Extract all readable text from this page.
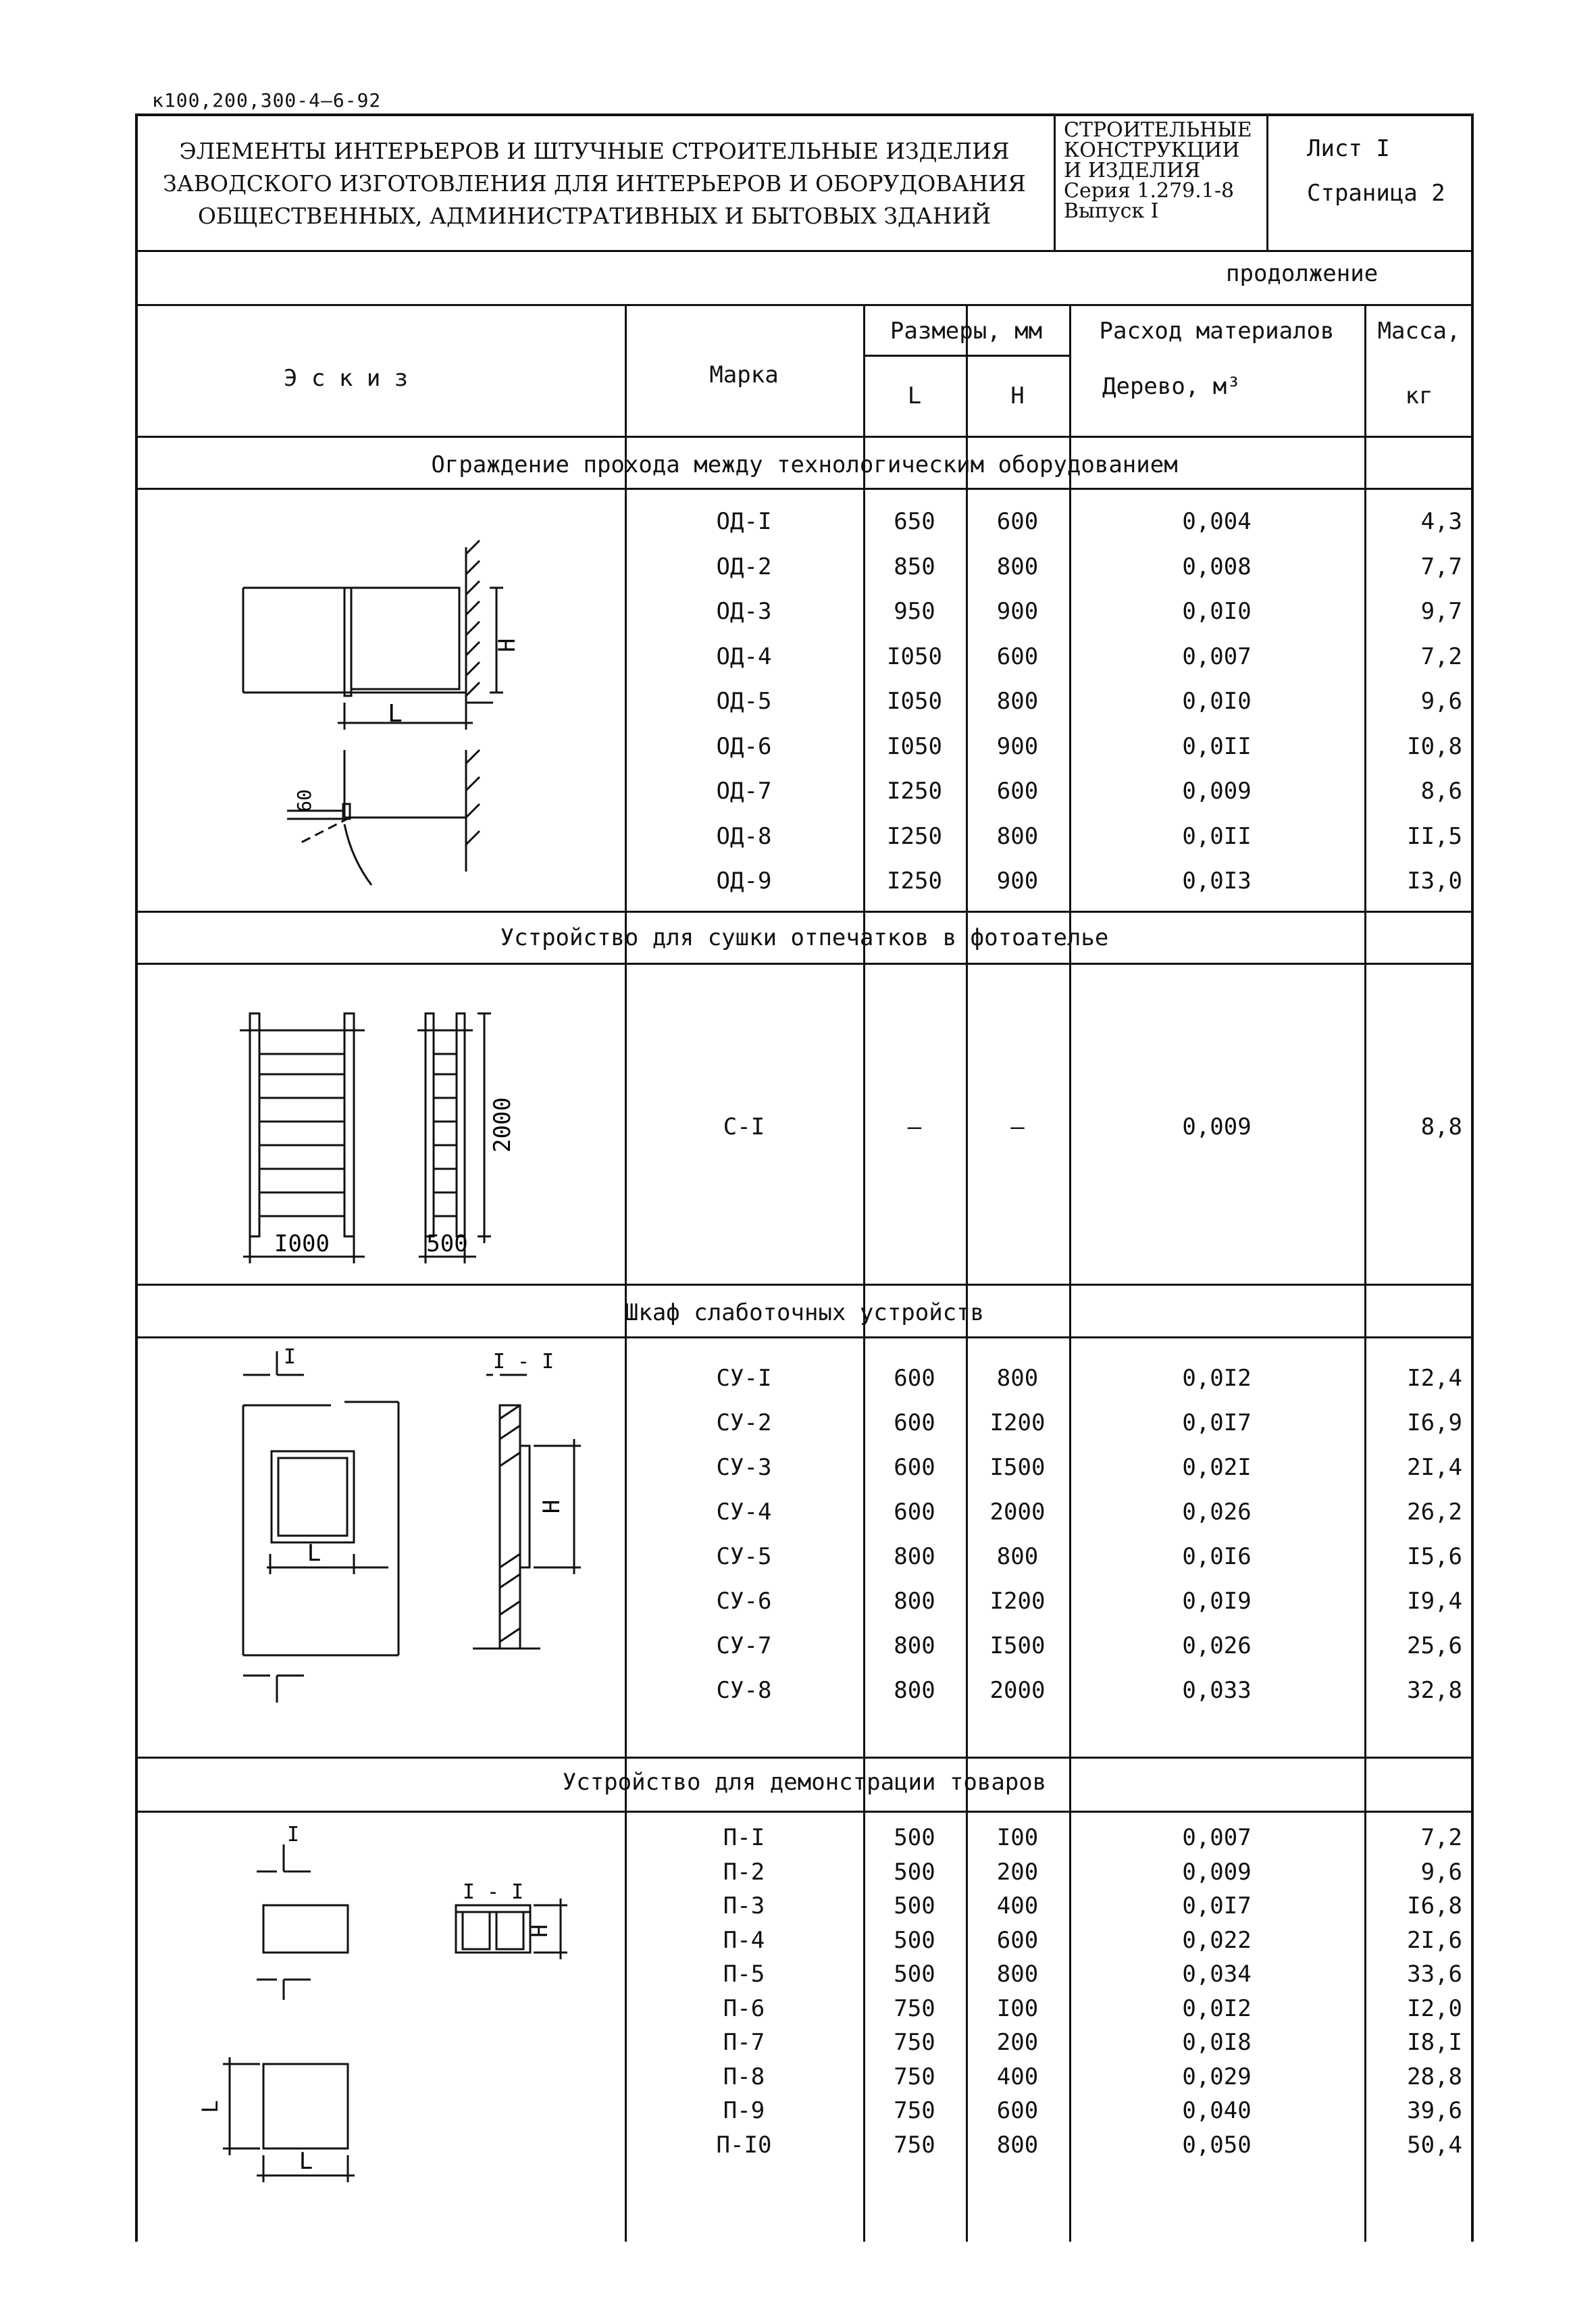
к100,200,300-4—6-92
ЭЛЕМЕНТЫ ИНТЕРЬЕРОВ И ШТУЧНЫЕ СТРОИТЕЛЬНЫЕ ИЗДЕЛИЯ
ЗАВОДСКОГО ИЗГОТОВЛЕНИЯ ДЛЯ ИНТЕРЬЕРОВ И ОБОРУДОВАНИЯ
ОБЩЕСТВЕННЫХ, АДМИНИСТРАТИВНЫХ И БЫТОВЫХ ЗДАНИЙ
СТРОИТЕЛЬНЫЕ
КОНСТРУКЦИИ
И ИЗДЕЛИЯ
Серия 1.279.1-8
Выпуск I
Лист I
Страница 2
продолжение
Э с к и з	Марка
Размеры, мм
L	H
Расход материалов
Дерево, м³
Масса,
кг
Ограждение прохода между технологическим оборудованием
ОД-I	650	600	0,004	4,3
ОД-2	850	800	0,008	7,7
ОД-3	950	900	0,0I0	9,7
ОД-4	I050	600	0,007	7,2
ОД-5	I050	800	0,0I0	9,6
ОД-6	I050	900	0,0II	I0,8
ОД-7	I250	600	0,009	8,6
ОД-8	I250	800	0,0II	II,5
ОД-9	I250	900	0,0I3	I3,0
Устройство для сушки отпечатков в фотоателье
С-I	—	—	0,009	8,8
Шкаф слаботочных устройств
СУ-I	600	800	0,0I2	I2,4
СУ-2	600	I200	0,0I7	I6,9
СУ-3	600	I500	0,02I	2I,4
СУ-4	600	2000	0,026	26,2
СУ-5	800	800	0,0I6	I5,6
СУ-6	800	I200	0,0I9	I9,4
СУ-7	800	I500	0,026	25,6
СУ-8	800	2000	0,033	32,8
Устройство для демонстрации товаров
П-I	500	I00	0,007	7,2
П-2	500	200	0,009	9,6
П-3	500	400	0,0I7	I6,8
П-4	500	600	0,022	2I,6
П-5	500	800	0,034	33,6
П-6	750	I00	0,0I2	I2,0
П-7	750	200	0,0I8	I8,I
П-8	750	400	0,029	28,8
П-9	750	600	0,040	39,6
П-I0	750	800	0,050	50,4
L
H
60
I000	500
2000
I - I
L
H
I
I - I
H
L
L
I
